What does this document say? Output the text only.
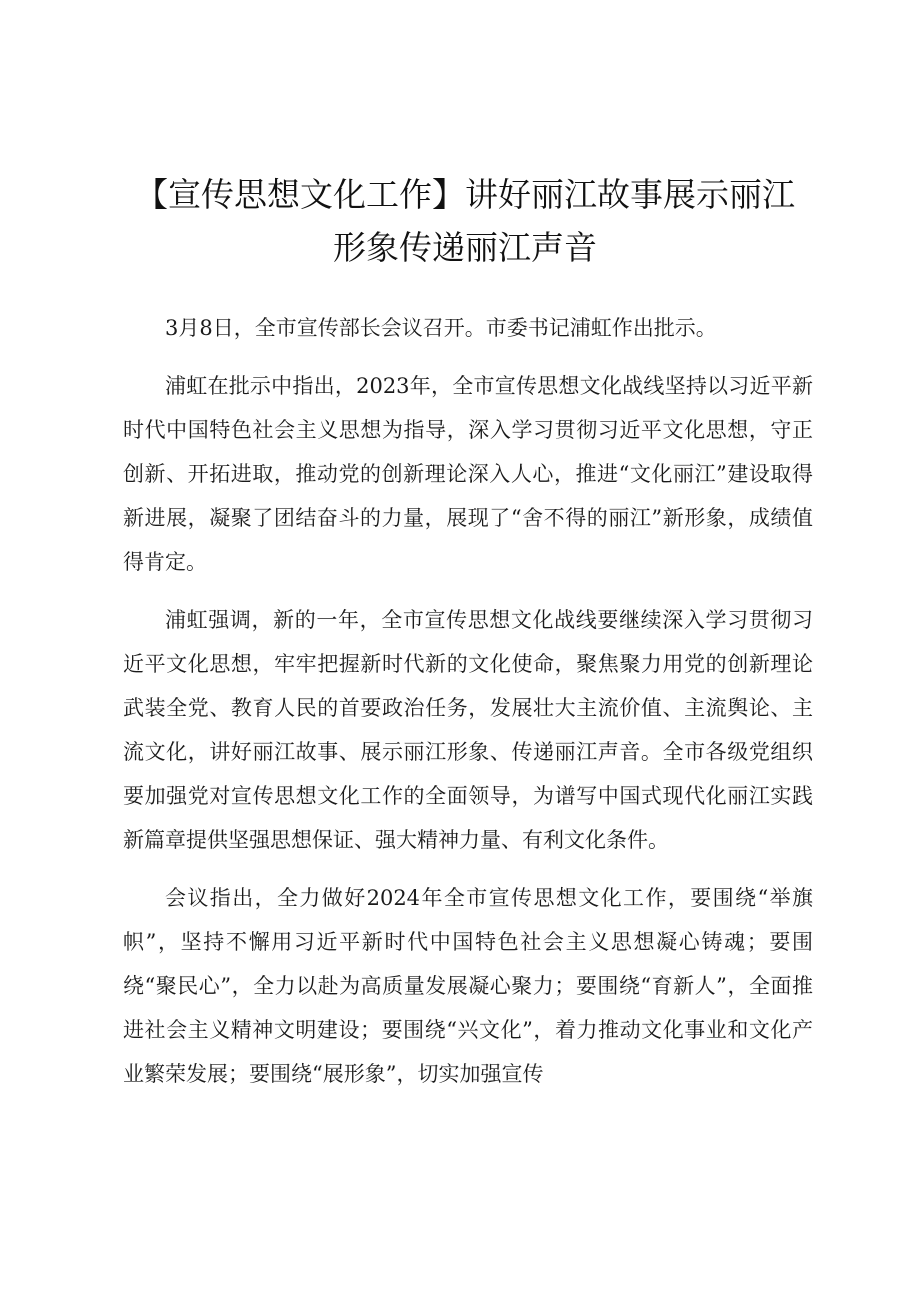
【宣传思想文化工作】讲好丽江故事展示丽江
形象传递丽江声音

3月8日，全市宣传部长会议召开。市委书记浦虹作出批示。

浦虹在批示中指出，2023年，全市宣传思想文化战线坚持以习近平新时代中国特色社会主义思想为指导，深入学习贯彻习近平文化思想，守正创新、开拓进取，推动党的创新理论深入人心，推进“文化丽江”建设取得新进展，凝聚了团结奋斗的力量，展现了“舍不得的丽江”新形象，成绩值得肯定。

浦虹强调，新的一年，全市宣传思想文化战线要继续深入学习贯彻习近平文化思想，牢牢把握新时代新的文化使命，聚焦聚力用党的创新理论武装全党、教育人民的首要政治任务，发展壮大主流价值、主流舆论、主流文化，讲好丽江故事、展示丽江形象、传递丽江声音。全市各级党组织要加强党对宣传思想文化工作的全面领导，为谱写中国式现代化丽江实践新篇章提供坚强思想保证、强大精神力量、有利文化条件。

会议指出，全力做好2024年全市宣传思想文化工作，要围绕“举旗帜”，坚持不懈用习近平新时代中国特色社会主义思想凝心铸魂；要围绕“聚民心”，全力以赴为高质量发展凝心聚力；要围绕“育新人”，全面推进社会主义精神文明建设；要围绕“兴文化”，着力推动文化事业和文化产业繁荣发展；要围绕“展形象”，切实加强宣传
